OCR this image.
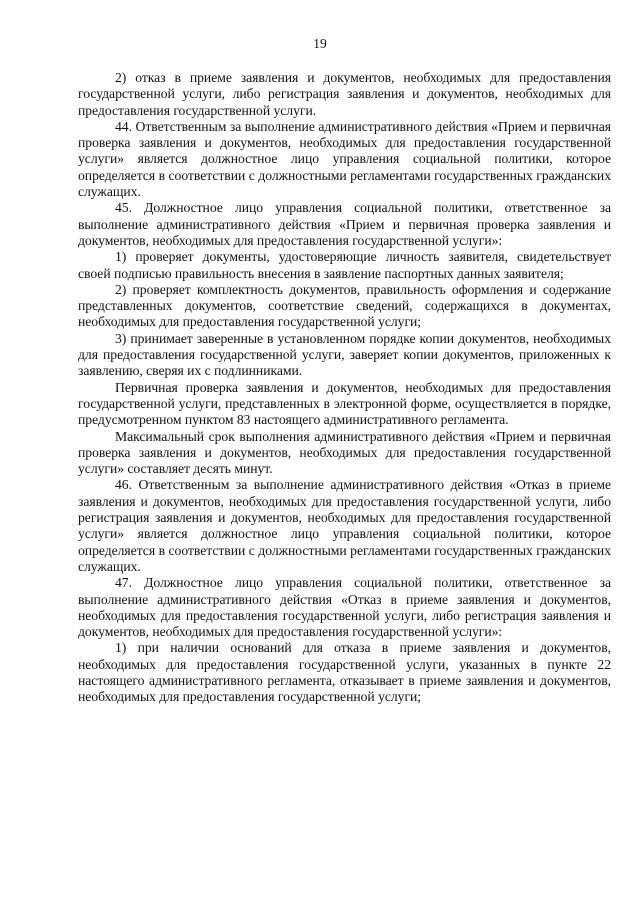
19

2) отказ в приеме заявления и документов, необходимых для предоставления государственной услуги, либо регистрация заявления и документов, необходимых для предоставления государственной услуги.

44. Ответственным за выполнение административного действия «Прием и первичная проверка заявления и документов, необходимых для предоставления государственной услуги» является должностное лицо управления социальной политики, которое определяется в соответствии с должностными регламентами государственных гражданских служащих.

45. Должностное лицо управления социальной политики, ответственное за выполнение административного действия «Прием и первичная проверка заявления и документов, необходимых для предоставления государственной услуги»:

1) проверяет документы, удостоверяющие личность заявителя, свидетельствует своей подписью правильность внесения в заявление паспортных данных заявителя;

2) проверяет комплектность документов, правильность оформления и содержание представленных документов, соответствие сведений, содержащихся в документах, необходимых для предоставления государственной услуги;

3) принимает заверенные в установленном порядке копии документов, необходимых для предоставления государственной услуги, заверяет копии документов, приложенных к заявлению, сверяя их с подлинниками.

Первичная проверка заявления и документов, необходимых для предоставления государственной услуги, представленных в электронной форме, осуществляется в порядке, предусмотренном пунктом 83 настоящего административного регламента.

Максимальный срок выполнения административного действия «Прием и первичная проверка заявления и документов, необходимых для предоставления государственной услуги» составляет десять минут.

46. Ответственным за выполнение административного действия «Отказ в приеме заявления и документов, необходимых для предоставления государственной услуги, либо регистрация заявления и документов, необходимых для предоставления государственной услуги» является должностное лицо управления социальной политики, которое определяется в соответствии с должностными регламентами государственных гражданских служащих.

47. Должностное лицо управления социальной политики, ответственное за выполнение административного действия «Отказ в приеме заявления и документов, необходимых для предоставления государственной услуги, либо регистрация заявления и документов, необходимых для предоставления государственной услуги»:

1) при наличии оснований для отказа в приеме заявления и документов, необходимых для предоставления государственной услуги, указанных в пункте 22 настоящего административного регламента, отказывает в приеме заявления и документов, необходимых для предоставления государственной услуги;
